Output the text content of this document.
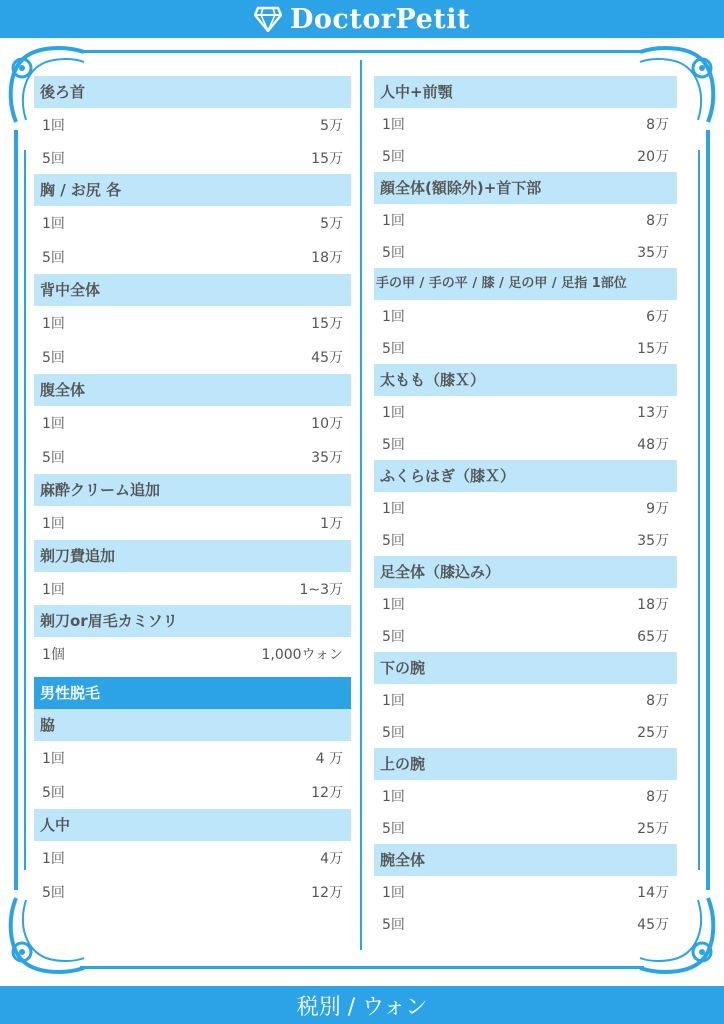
DoctorPetit
後ろ首
1回	5万
5回	15万
胸 / お尻 各
1回	5万
5回	18万
背中全体
1回	15万
5回	45万
腹全体
1回	10万
5回	35万
麻酔クリーム追加
1回	1万
剃刀費追加
1回	1~3万
剃刀or眉毛カミソリ
1個	1,000ウォン
男性脱毛
脇
1回	4 万
5回	12万
人中
1回	4万
5回	12万
人中+前顎
1回	8万
5回	20万
顔全体(額除外)+首下部
1回	8万
5回	35万
手の甲 / 手の平 / 膝 / 足の甲 / 足指 1部位
1回	6万
5回	15万
太もも（膝Ｘ）
1回	13万
5回	48万
ふくらはぎ（膝Ｘ）
1回	9万
5回	35万
足全体（膝込み）
1回	18万
5回	65万
下の腕
1回	8万
5回	25万
上の腕
1回	8万
5回	25万
腕全体
1回	14万
5回	45万
税別 / ウォン
